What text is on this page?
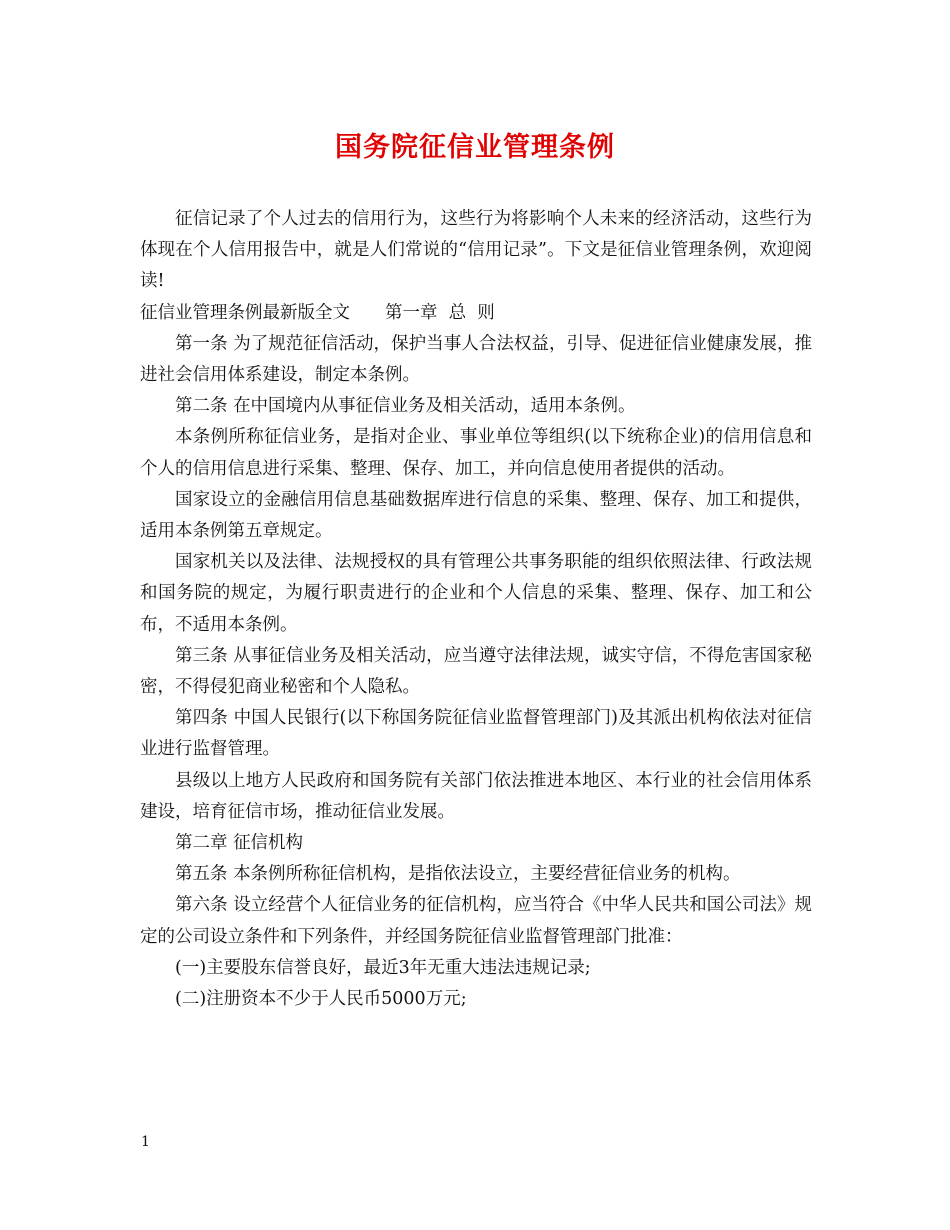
国务院征信业管理条例

征信记录了个人过去的信用行为，这些行为将影响个人未来的经济活动，这些行为体现在个人信用报告中，就是人们常说的“信用记录”。下文是征信业管理条例，欢迎阅读!

征信业管理条例最新版全文　　第一章  总  则

第一条 为了规范征信活动，保护当事人合法权益，引导、促进征信业健康发展，推进社会信用体系建设，制定本条例。

第二条 在中国境内从事征信业务及相关活动，适用本条例。

本条例所称征信业务，是指对企业、事业单位等组织(以下统称企业)的信用信息和个人的信用信息进行采集、整理、保存、加工，并向信息使用者提供的活动。

国家设立的金融信用信息基础数据库进行信息的采集、整理、保存、加工和提供，适用本条例第五章规定。

国家机关以及法律、法规授权的具有管理公共事务职能的组织依照法律、行政法规和国务院的规定，为履行职责进行的企业和个人信息的采集、整理、保存、加工和公布，不适用本条例。

第三条 从事征信业务及相关活动，应当遵守法律法规，诚实守信，不得危害国家秘密，不得侵犯商业秘密和个人隐私。

第四条 中国人民银行(以下称国务院征信业监督管理部门)及其派出机构依法对征信业进行监督管理。

县级以上地方人民政府和国务院有关部门依法推进本地区、本行业的社会信用体系建设，培育征信市场，推动征信业发展。

第二章 征信机构

第五条 本条例所称征信机构，是指依法设立，主要经营征信业务的机构。

第六条 设立经营个人征信业务的征信机构，应当符合《中华人民共和国公司法》规定的公司设立条件和下列条件，并经国务院征信业监督管理部门批准：

(一)主要股东信誉良好，最近3年无重大违法违规记录;

(二)注册资本不少于人民币5000万元;

1
